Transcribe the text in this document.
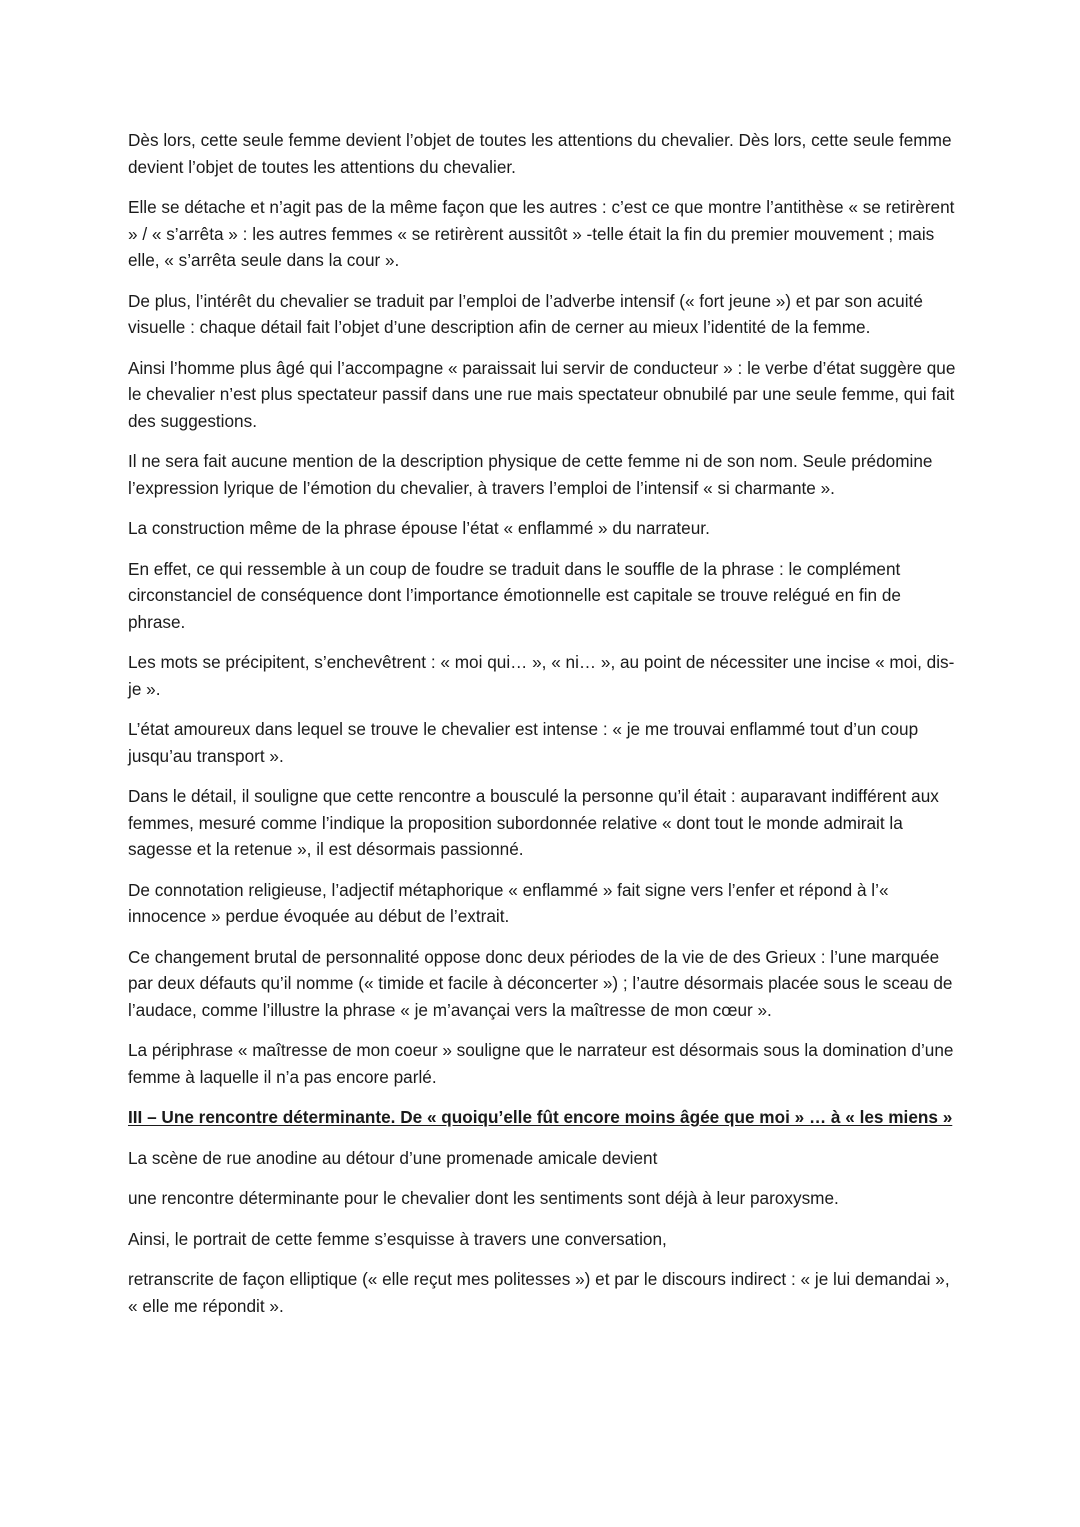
Dès lors, cette seule femme devient l’objet de toutes les attentions du chevalier. Dès lors, cette seule femme devient l’objet de toutes les attentions du chevalier.

Elle se détache et n’agit pas de la même façon que les autres : c’est ce que montre l’antithèse « se retirèrent » / « s’arrêta » : les autres femmes « se retirèrent aussitôt » -telle était la fin du premier mouvement ; mais elle, « s’arrêta seule dans la cour ».

De plus, l’intérêt du chevalier se traduit par l’emploi de l’adverbe intensif (« fort jeune ») et par son acuité visuelle : chaque détail fait l’objet d’une description afin de cerner au mieux l’identité de la femme.

Ainsi l’homme plus âgé qui l’accompagne « paraissait lui servir de conducteur » : le verbe d’état suggère que le chevalier n’est plus spectateur passif dans une rue mais spectateur obnubilé par une seule femme, qui fait des suggestions.

Il ne sera fait aucune mention de la description physique de cette femme ni de son nom. Seule prédomine l’expression lyrique de l’émotion du chevalier, à travers l’emploi de l’intensif « si charmante ».

La construction même de la phrase épouse l’état « enflammé » du narrateur.

En effet, ce qui ressemble à un coup de foudre se traduit dans le souffle de la phrase : le complément circonstanciel de conséquence dont l’importance émotionnelle est capitale se trouve relégué en fin de phrase.

Les mots se précipitent, s’enchevêtrent : « moi qui… », « ni… », au point de nécessiter une incise « moi, dis-je ».

L’état amoureux dans lequel se trouve le chevalier est intense : « je me trouvai enflammé tout d’un coup jusqu’au transport ».

Dans le détail, il souligne que cette rencontre a bousculé la personne qu’il était : auparavant indifférent aux femmes, mesuré comme l’indique la proposition subordonnée relative « dont tout le monde admirait la sagesse et la retenue », il est désormais passionné.

De connotation religieuse, l’adjectif métaphorique « enflammé » fait signe vers l’enfer et répond à l’« innocence » perdue évoquée au début de l’extrait.

Ce changement brutal de personnalité oppose donc deux périodes de la vie de des Grieux : l’une marquée par deux défauts qu’il nomme (« timide et facile à déconcerter ») ; l’autre désormais placée sous le sceau de l’audace, comme l’illustre la phrase « je m’avançai vers la maîtresse de mon cœur ».

La périphrase « maîtresse de mon coeur » souligne que le narrateur est désormais sous la domination d’une femme à laquelle il n’a pas encore parlé.

III – Une rencontre déterminante. De « quoiqu’elle fût encore moins âgée que moi » … à « les miens »

La scène de rue anodine au détour d’une promenade amicale devient

une rencontre déterminante pour le chevalier dont les sentiments sont déjà à leur paroxysme.

Ainsi, le portrait de cette femme s’esquisse à travers une conversation,

retranscrite de façon elliptique (« elle reçut mes politesses ») et par le discours indirect : « je lui demandai », « elle me répondit ».
